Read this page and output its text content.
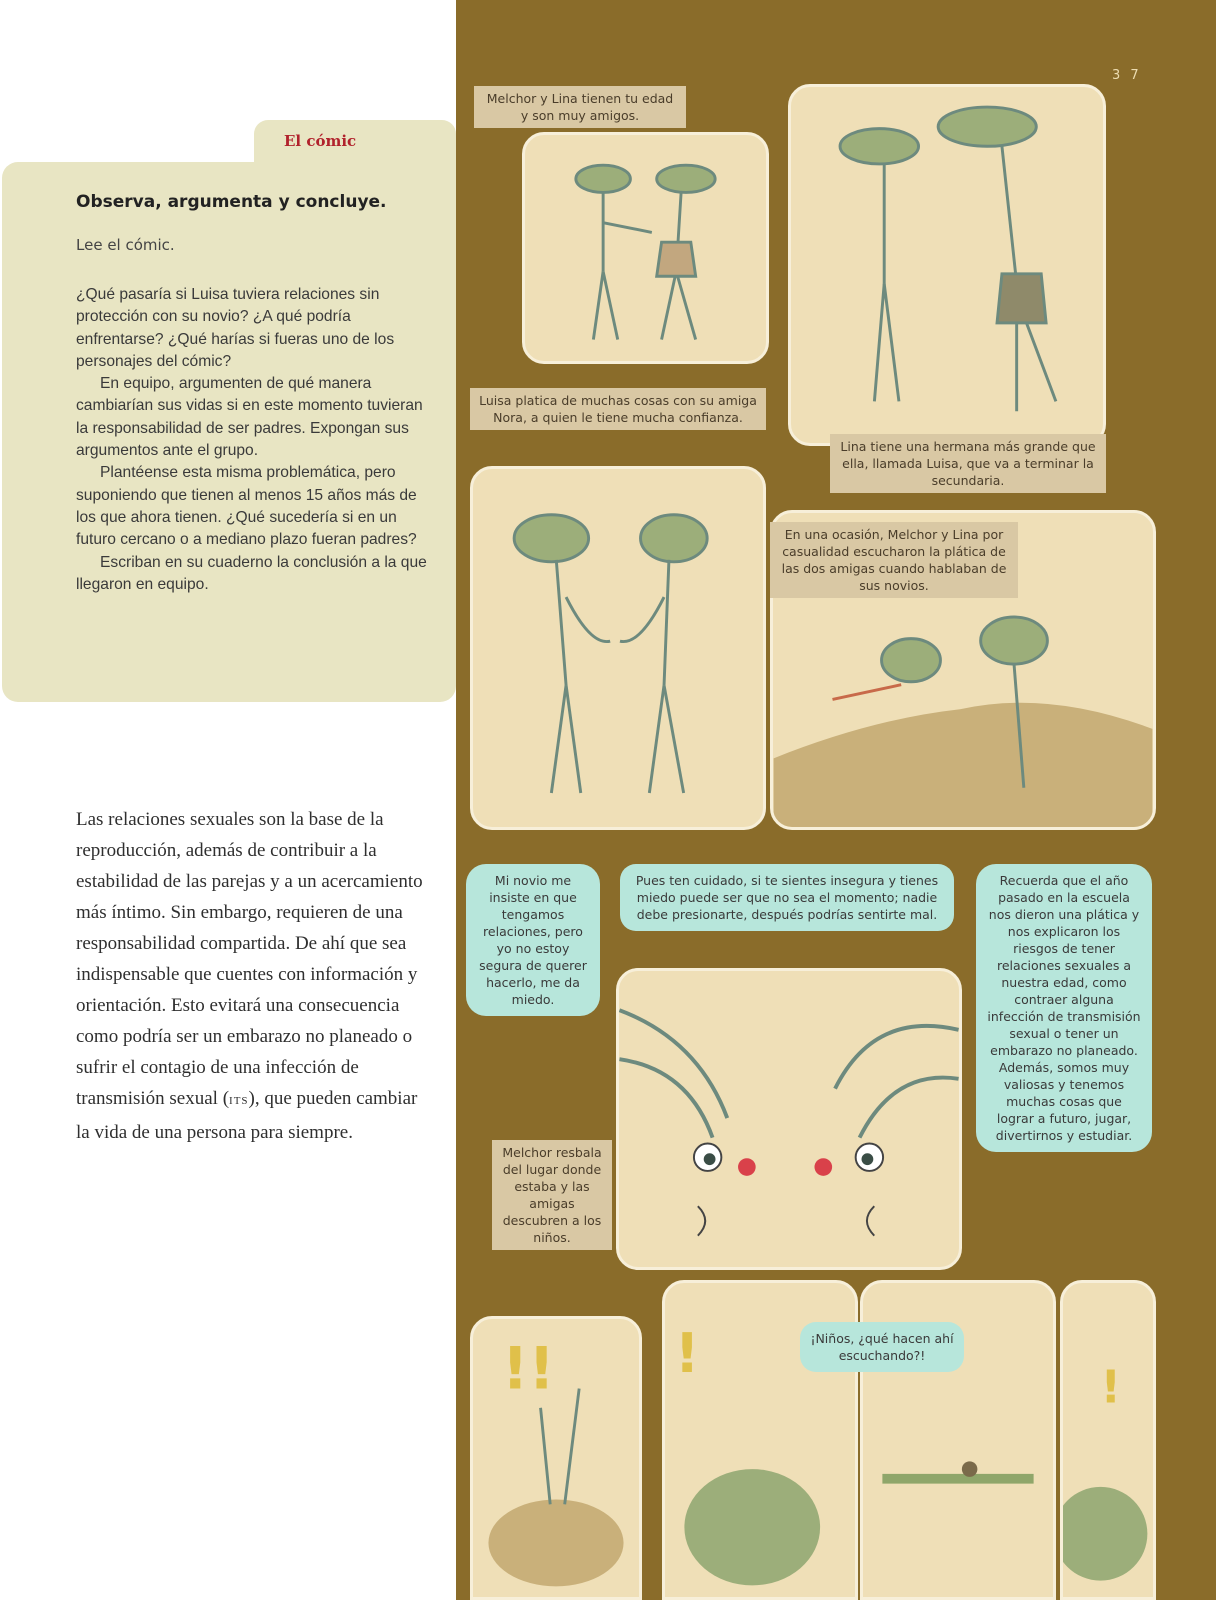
El cómic
Observa, argumenta y concluye.
Lee el cómic.

¿Qué pasaría si Luisa tuviera relaciones sin protección con su novio? ¿A qué podría enfrentarse? ¿Qué harías si fueras uno de los personajes del cómic?

En equipo, argumenten de qué manera cambiarían sus vidas si en este momento tuvieran la responsabilidad de ser padres. Expongan sus argumentos ante el grupo.

Plantéense esta misma problemática, pero suponiendo que tienen al menos 15 años más de los que ahora tienen. ¿Qué sucedería si en un futuro cercano o a mediano plazo fueran padres?

Escriban en su cuaderno la conclusión a la que llegaron en equipo.

Las relaciones sexuales son la base de la reproducción, además de contribuir a la estabilidad de las parejas y a un acercamiento más íntimo. Sin embargo, requieren de una responsabilidad compartida. De ahí que sea indispensable que cuentes con información y orientación. Esto evitará una consecuencia como podría ser un embarazo no planeado o sufrir el contagio de una infección de transmisión sexual (ITS), que pueden cambiar la vida de una persona para siempre.
3 7
Melchor y Lina tienen tu edad y son muy amigos.
Lina tiene una hermana más grande que ella, llamada Luisa, que va a terminar la secundaria.
Luisa platica de muchas cosas con su amiga Nora, a quien le tiene mucha confianza.
En una ocasión, Melchor y Lina por casualidad escucharon la plática de las dos amigas cuando hablaban de sus novios.
Mi novio me insiste en que tengamos relaciones, pero yo no estoy segura de querer hacerlo, me da miedo.
Pues ten cuidado, si te sientes insegura y tienes miedo puede ser que no sea el momento; nadie debe presionarte, después podrías sentirte mal.
Recuerda que el año pasado en la escuela nos dieron una plática y nos explicaron los riesgos de tener relaciones sexuales a nuestra edad, como contraer alguna infección de transmisión sexual o tener un embarazo no planeado. Además, somos muy valiosas y tenemos muchas cosas que lograr a futuro, jugar, divertirnos y estudiar.
Melchor resbala del lugar donde estaba y las amigas descubren a los niños.
!! !
!
¡Niños, ¿qué hacen ahí escuchando?!
